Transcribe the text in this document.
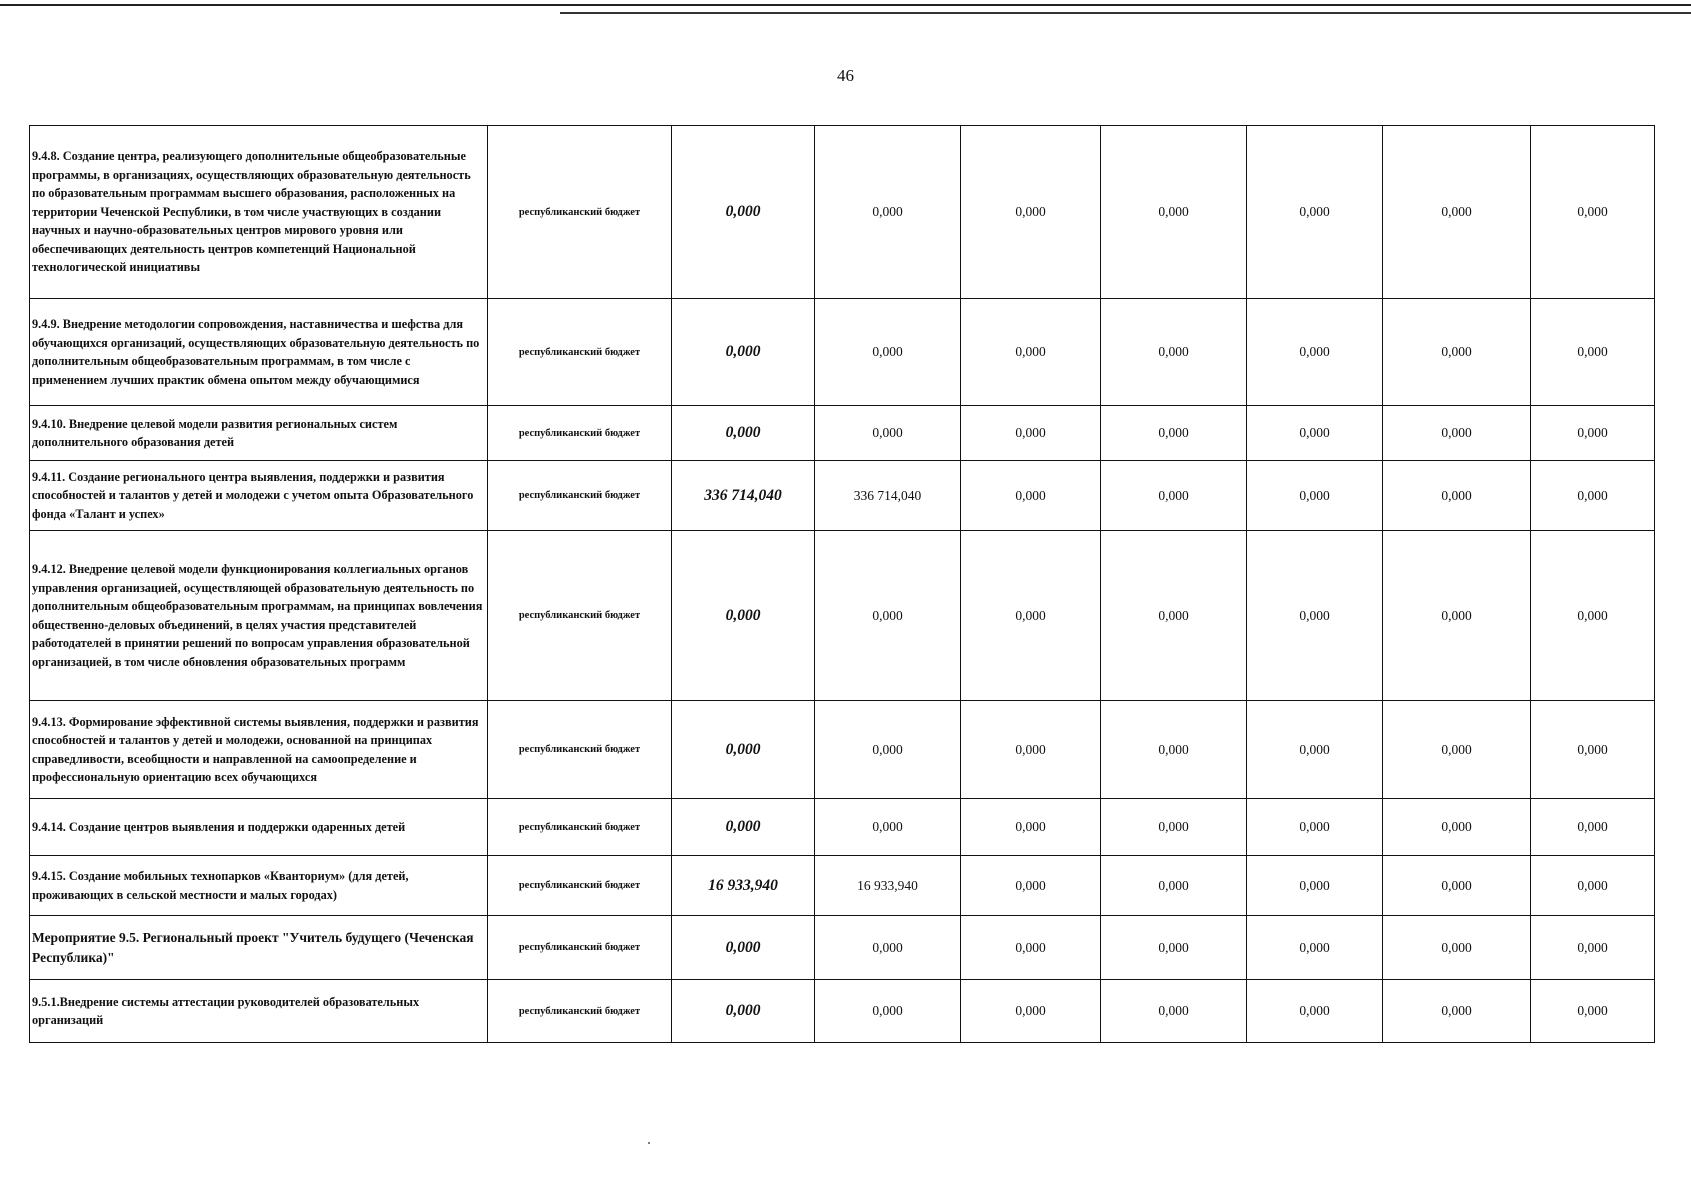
46
9.4.8. Создание центра, реализующего дополнительные общеобразовательные программы, в организациях, осуществляющих образовательную деятельность по образовательным программам высшего образования, расположенных на территории Чеченской Республики, в том числе участвующих в создании научных и научно-образовательных центров мирового уровня или обеспечивающих деятельность центров компетенций Национальной технологической инициативы	республиканский бюджет	0,000	0,000	0,000	0,000	0,000	0,000	0,000
9.4.9. Внедрение методологии сопровождения, наставничества и шефства для обучающихся организаций, осуществляющих образовательную деятельность по дополнительным общеобразовательным программам, в том числе с применением лучших практик обмена опытом между обучающимися	республиканский бюджет	0,000	0,000	0,000	0,000	0,000	0,000	0,000
9.4.10. Внедрение целевой модели развития региональных систем дополнительного образования детей	республиканский бюджет	0,000	0,000	0,000	0,000	0,000	0,000	0,000
9.4.11. Создание регионального центра выявления, поддержки и развития способностей и талантов у детей и молодежи с учетом опыта Образовательного фонда «Талант и успех»	республиканский бюджет	336 714,040	336 714,040	0,000	0,000	0,000	0,000	0,000
9.4.12. Внедрение целевой модели функционирования коллегиальных органов управления организацией, осуществляющей образовательную деятельность по дополнительным общеобразовательным программам, на принципах вовлечения общественно-деловых объединений, в целях участия представителей работодателей в принятии решений по вопросам управления образовательной организацией, в том числе обновления образовательных программ	республиканский бюджет	0,000	0,000	0,000	0,000	0,000	0,000	0,000
9.4.13. Формирование эффективной системы выявления, поддержки и развития способностей и талантов у детей и молодежи, основанной на принципах справедливости, всеобщности и направленной на самоопределение и профессиональную ориентацию всех обучающихся	республиканский бюджет	0,000	0,000	0,000	0,000	0,000	0,000	0,000
9.4.14. Создание центров выявления и поддержки одаренных детей	республиканский бюджет	0,000	0,000	0,000	0,000	0,000	0,000	0,000
9.4.15. Создание мобильных технопарков «Кванториум» (для детей, проживающих в сельской местности и малых городах)	республиканский бюджет	16 933,940	16 933,940	0,000	0,000	0,000	0,000	0,000
Мероприятие 9.5. Региональный проект "Учитель будущего (Чеченская Республика)"	республиканский бюджет	0,000	0,000	0,000	0,000	0,000	0,000	0,000
9.5.1.Внедрение системы аттестации руководителей образовательных организаций	республиканский бюджет	0,000	0,000	0,000	0,000	0,000	0,000	0,000
